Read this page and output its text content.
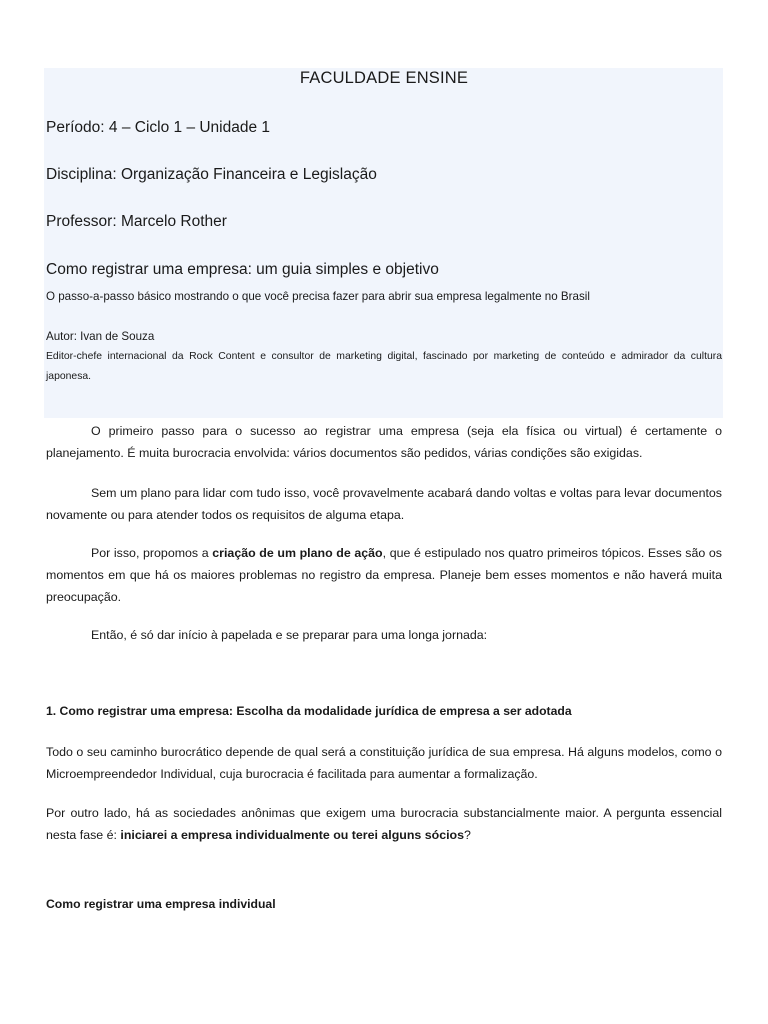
FACULDADE ENSINE
Período: 4 – Ciclo 1 – Unidade 1
Disciplina: Organização Financeira e Legislação
Professor: Marcelo Rother
Como registrar uma empresa: um guia simples e objetivo
O passo-a-passo básico mostrando o que você precisa fazer para abrir sua empresa legalmente no Brasil
Autor: Ivan de Souza
Editor-chefe internacional da Rock Content e consultor de marketing digital, fascinado por marketing de conteúdo e admirador da cultura japonesa.
O primeiro passo para o sucesso ao registrar uma empresa (seja ela física ou virtual) é certamente o planejamento. É muita burocracia envolvida: vários documentos são pedidos, várias condições são exigidas.
Sem um plano para lidar com tudo isso, você provavelmente acabará dando voltas e voltas para levar documentos novamente ou para atender todos os requisitos de alguma etapa.
Por isso, propomos a criação de um plano de ação, que é estipulado nos quatro primeiros tópicos. Esses são os momentos em que há os maiores problemas no registro da empresa. Planeje bem esses momentos e não haverá muita preocupação.
Então, é só dar início à papelada e se preparar para uma longa jornada:
1. Como registrar uma empresa: Escolha da modalidade jurídica de empresa a ser adotada
Todo o seu caminho burocrático depende de qual será a constituição jurídica de sua empresa. Há alguns modelos, como o Microempreendedor Individual, cuja burocracia é facilitada para aumentar a formalização.
Por outro lado, há as sociedades anônimas que exigem uma burocracia substancialmente maior. A pergunta essencial nesta fase é: iniciarei a empresa individualmente ou terei alguns sócios?
Como registrar uma empresa individual
